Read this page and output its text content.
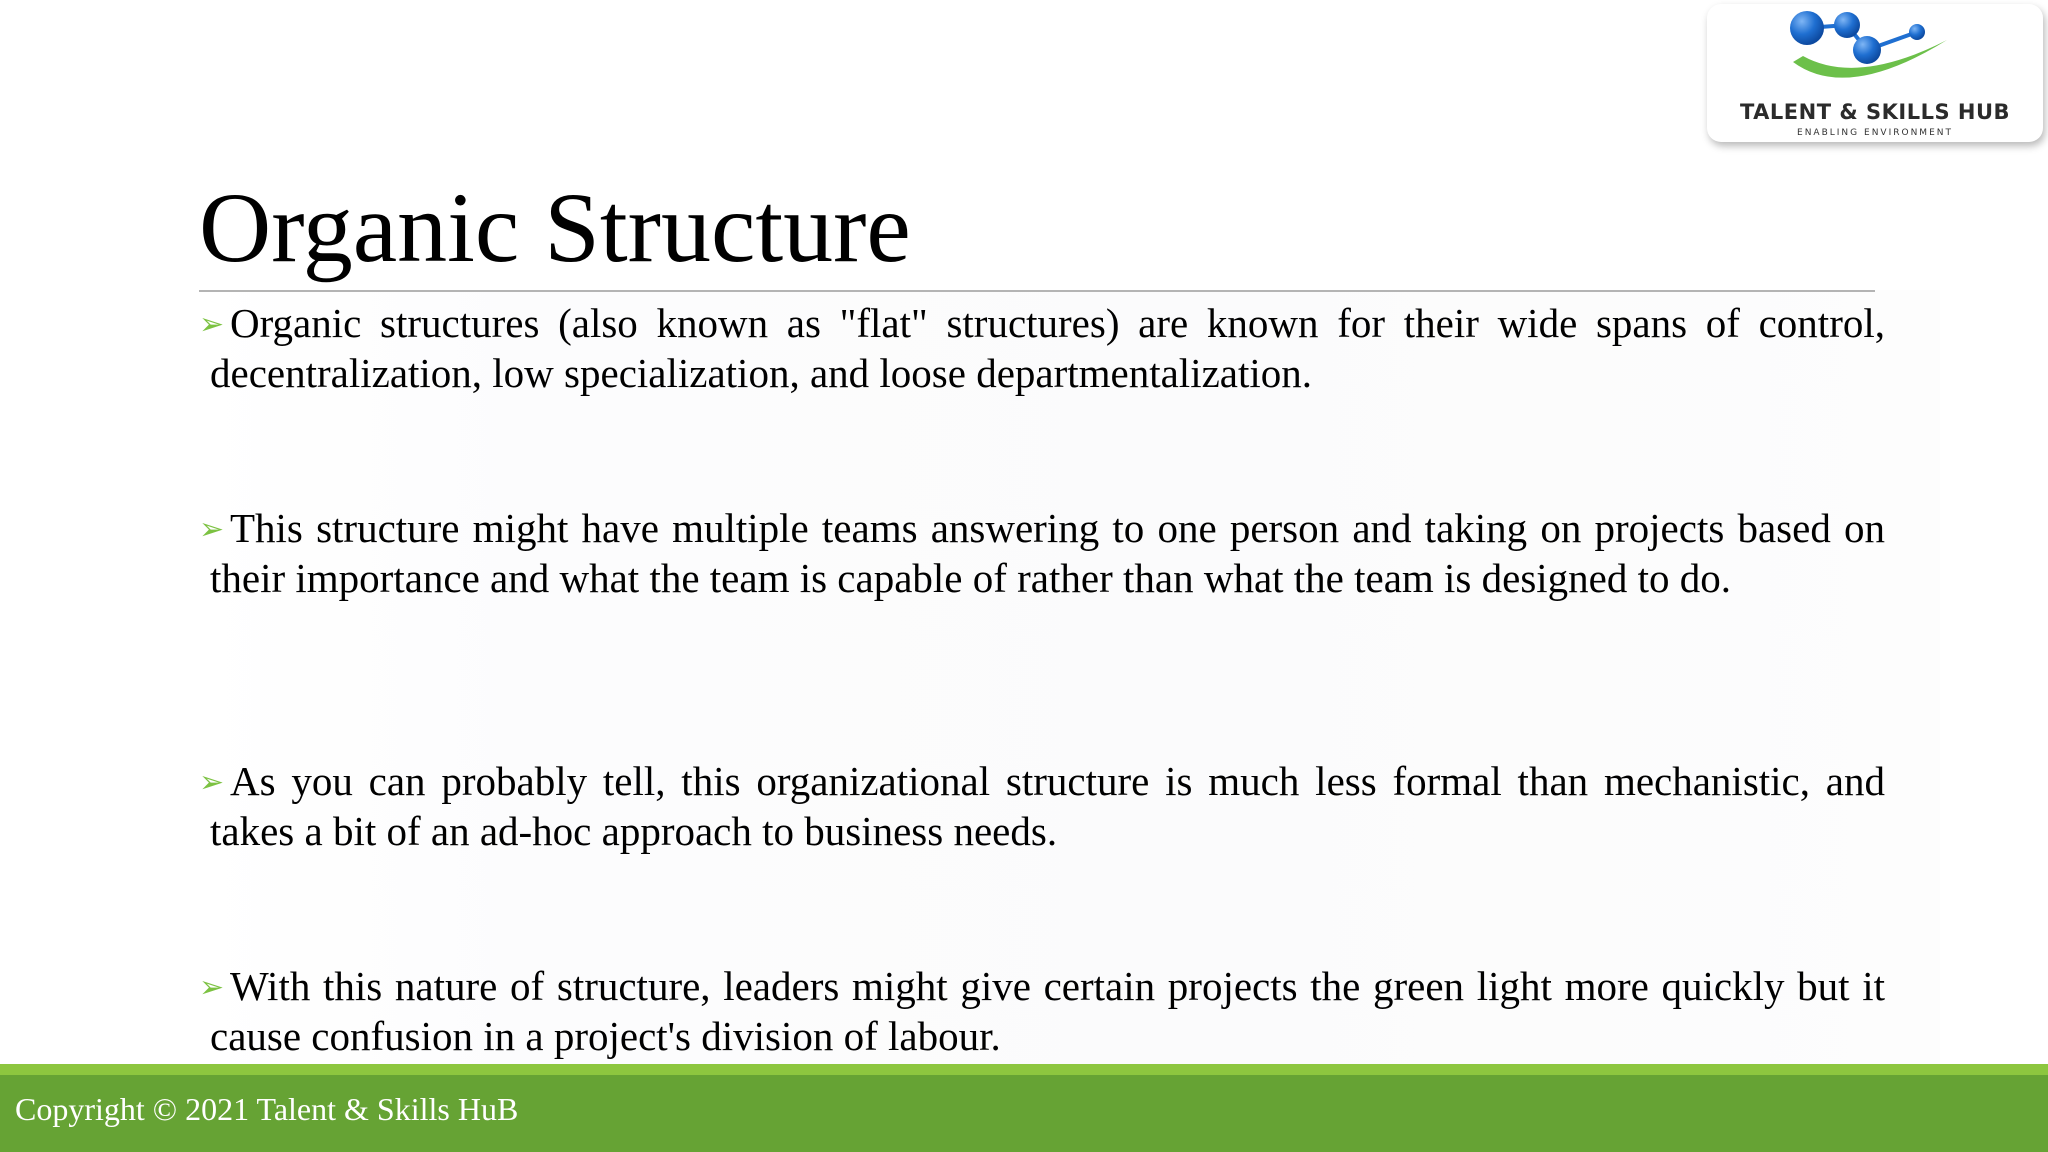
TALENT & SKILLS HUB
ENABLING ENVIRONMENT
Organic Structure

➢ Organic structures (also known as "flat" structures) are known for their wide spans of control, decentralization, low specialization, and loose departmentalization.

➢ This structure might have multiple teams answering to one person and taking on projects based on their importance and what the team is capable of rather than what the team is designed to do.

➢ As you can probably tell, this organizational structure is much less formal than mechanistic, and takes a bit of an ad-hoc approach to business needs.

➢ With this nature of structure, leaders might give certain projects the green light more quickly but it cause confusion in a project's division of labour.

Copyright © 2021 Talent & Skills HuB
